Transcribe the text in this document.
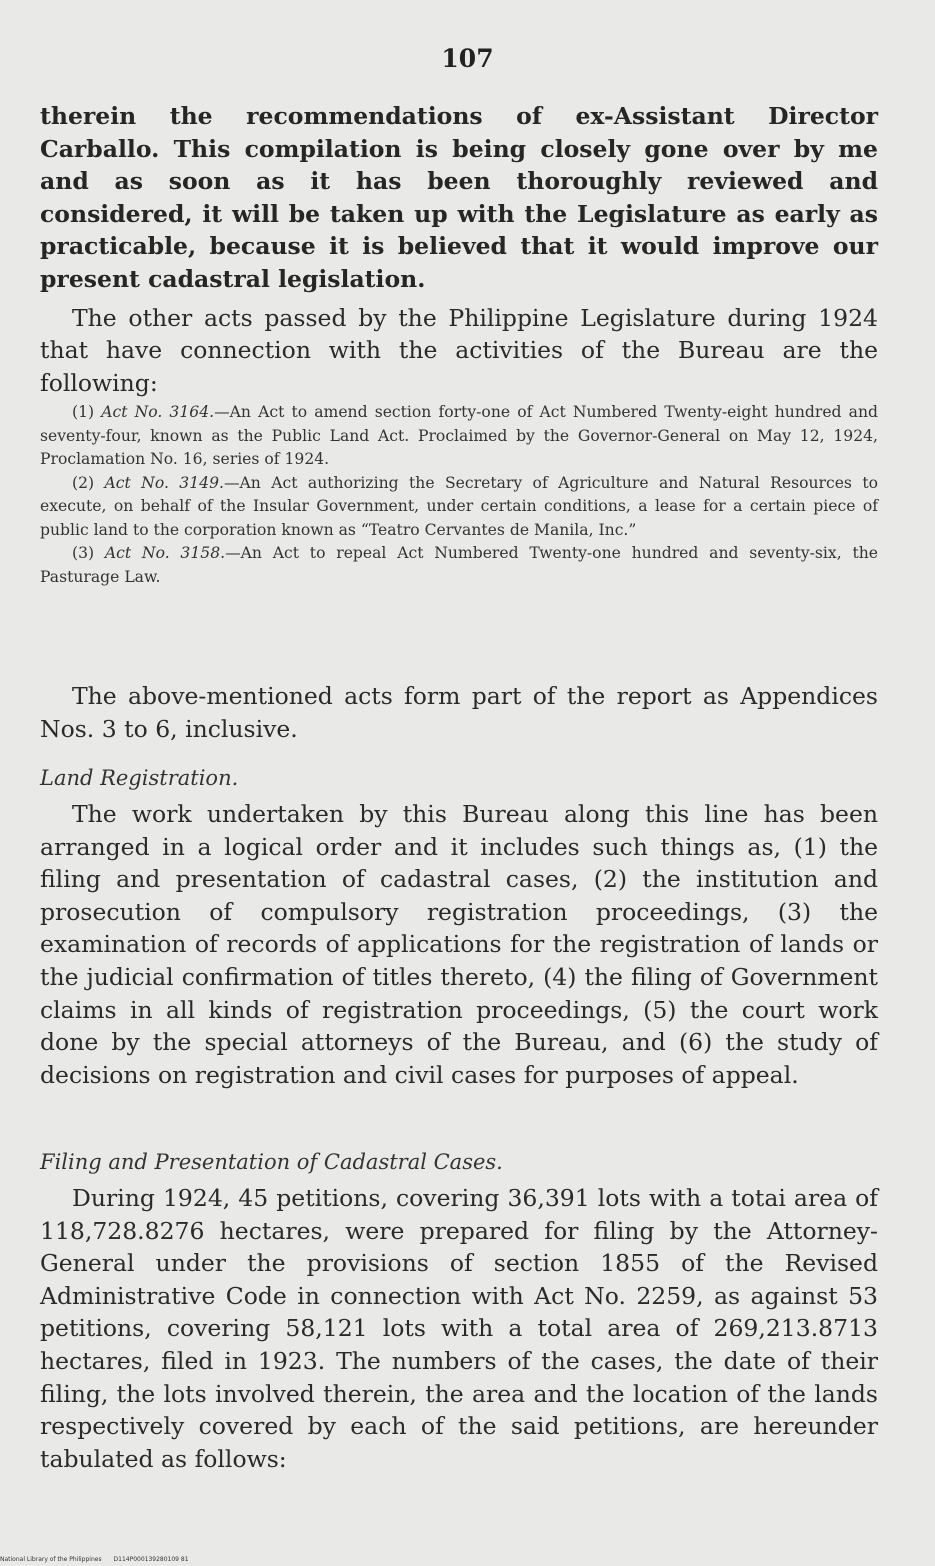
107

therein the recommendations of ex-Assistant Director Carballo. This compilation is being closely gone over by me and as soon as it has been thoroughly reviewed and considered, it will be taken up with the Legislature as early as practicable, because it is believed that it would improve our present cadastral legislation.

The other acts passed by the Philippine Legislature during 1924 that have connection with the activities of the Bureau are the following:

(1) Act No. 3164.—An Act to amend section forty-one of Act Numbered Twenty-eight hundred and seventy-four, known as the Public Land Act. Proclaimed by the Governor-General on May 12, 1924, Proclamation No. 16, series of 1924.

(2) Act No. 3149.—An Act authorizing the Secretary of Agriculture and Natural Resources to execute, on behalf of the Insular Government, under certain conditions, a lease for a certain piece of public land to the corporation known as “Teatro Cervantes de Manila, Inc.”

(3) Act No. 3158.—An Act to repeal Act Numbered Twenty-one hundred and seventy-six, the Pasturage Law.

The above-mentioned acts form part of the report as Appendices Nos. 3 to 6, inclusive.

Land Registration.

The work undertaken by this Bureau along this line has been arranged in a logical order and it includes such things as, (1) the filing and presentation of cadastral cases, (2) the institution and prosecution of compulsory registration proceedings, (3) the examination of records of applications for the registration of lands or the judicial confirmation of titles thereto, (4) the filing of Government claims in all kinds of registration proceedings, (5) the court work done by the special attorneys of the Bureau, and (6) the study of decisions on registration and civil cases for purposes of appeal.

Filing and Presentation of Cadastral Cases.

During 1924, 45 petitions, covering 36,391 lots with a totai area of 118,728.8276 hectares, were prepared for filing by the Attorney-General under the provisions of section 1855 of the Revised Administrative Code in connection with Act No. 2259, as against 53 petitions, covering 58,121 lots with a total area of 269,213.8713 hectares, filed in 1923. The numbers of the cases, the date of their filing, the lots involved therein, the area and the location of the lands respectively covered by each of the said petitions, are hereunder tabulated as follows:

National Library of the Philippines D114P000139280109 81
